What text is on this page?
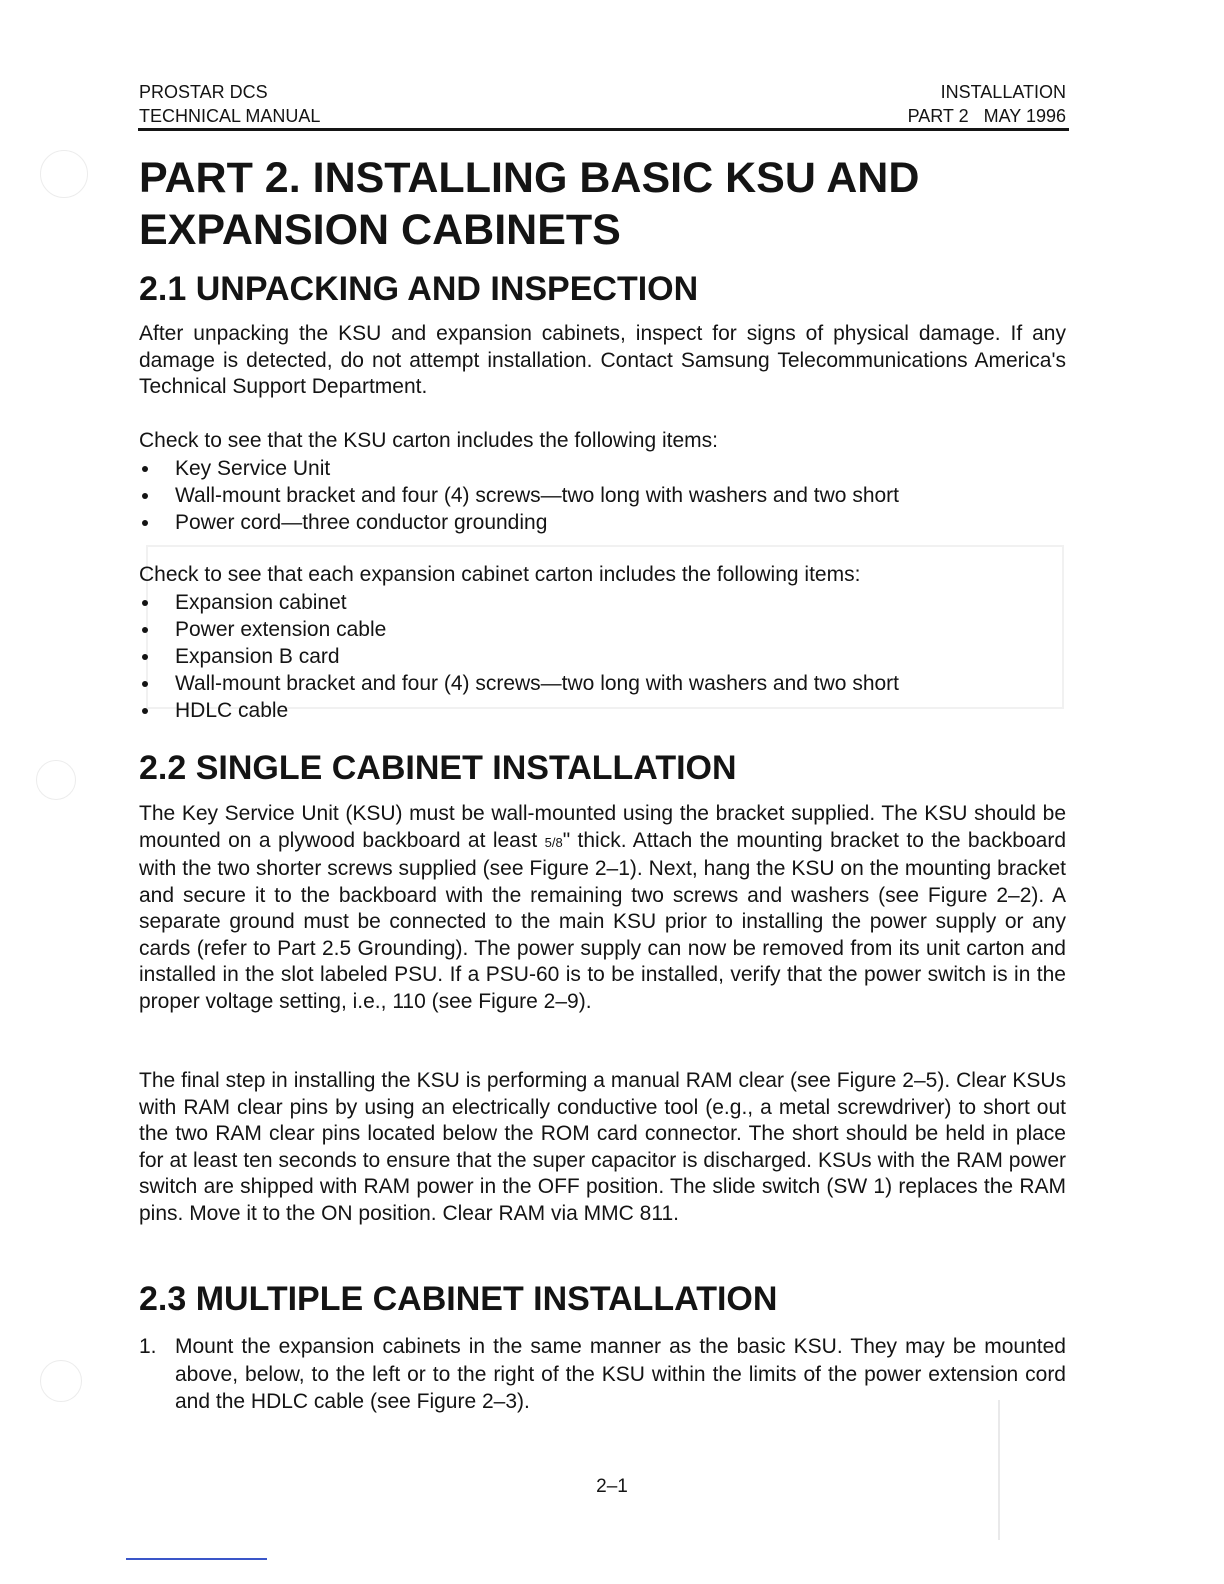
PROSTAR DCS
TECHNICAL MANUAL
INSTALLATION
PART 2   MAY 1996
PART 2. INSTALLING BASIC KSU AND EXPANSION CABINETS
2.1 UNPACKING AND INSPECTION

After unpacking the KSU and expansion cabinets, inspect for signs of physical damage. If any damage is detected, do not attempt installation. Contact Samsung Telecommunications America's Technical Support Department.

Check to see that the KSU carton includes the following items:

Key Service Unit
Wall-mount bracket and four (4) screws—two long with washers and two short
Power cord—three conductor grounding

Check to see that each expansion cabinet carton includes the following items:

Expansion cabinet
Power extension cable
Expansion B card
Wall-mount bracket and four (4) screws—two long with washers and two short
HDLC cable
2.2 SINGLE CABINET INSTALLATION

The Key Service Unit (KSU) must be wall-mounted using the bracket supplied. The KSU should be mounted on a plywood backboard at least 5/8" thick. Attach the mounting bracket to the backboard with the two shorter screws supplied (see Figure 2–1). Next, hang the KSU on the mounting bracket and secure it to the backboard with the remaining two screws and washers (see Figure 2–2). A separate ground must be connected to the main KSU prior to installing the power supply or any cards (refer to Part 2.5 Grounding). The power supply can now be removed from its unit carton and installed in the slot labeled PSU. If a PSU-60 is to be installed, verify that the power switch is in the proper voltage setting, i.e., 110 (see Figure 2–9).

The final step in installing the KSU is performing a manual RAM clear (see Figure 2–5). Clear KSUs with RAM clear pins by using an electrically conductive tool (e.g., a metal screwdriver) to short out the two RAM clear pins located below the ROM card connector. The short should be held in place for at least ten seconds to ensure that the super capacitor is discharged. KSUs with the RAM power switch are shipped with RAM power in the OFF position. The slide switch (SW 1) replaces the RAM pins. Move it to the ON position. Clear RAM via MMC 811.

2.3 MULTIPLE CABINET INSTALLATION
1. Mount the expansion cabinets in the same manner as the basic KSU. They may be mounted above, below, to the left or to the right of the KSU within the limits of the power extension cord and the HDLC cable (see Figure 2–3).
2–1
